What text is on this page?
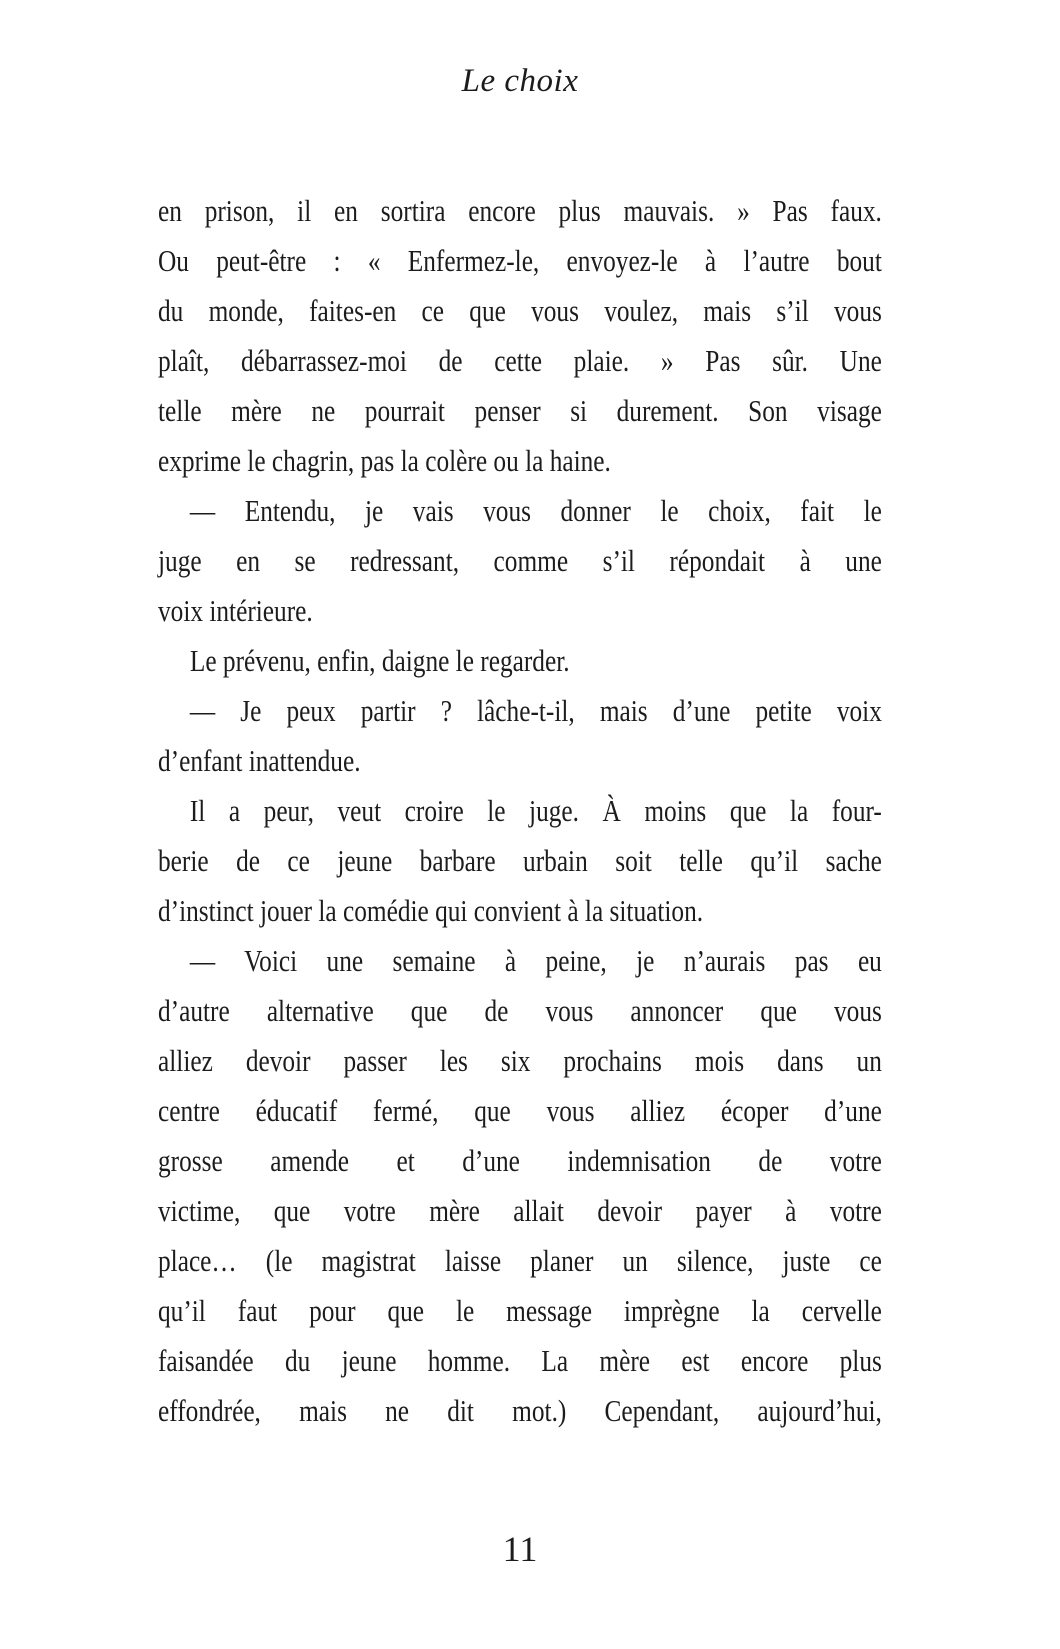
Le choix
en prison, il en sortira encore plus mauvais. » Pas faux.
Ou peut-être : « Enfermez-le, envoyez-le à l’autre bout
du monde, faites-en ce que vous voulez, mais s’il vous
plaît, débarrassez-moi de cette plaie. » Pas sûr. Une
telle mère ne pourrait penser si durement. Son visage
exprime le chagrin, pas la colère ou la haine.
— Entendu, je vais vous donner le choix, fait le
juge en se redressant, comme s’il répondait à une
voix intérieure.
Le prévenu, enfin, daigne le regarder.
— Je peux partir ? lâche-t-il, mais d’une petite voix
d’enfant inattendue.
Il a peur, veut croire le juge. À moins que la four-
berie de ce jeune barbare urbain soit telle qu’il sache
d’instinct jouer la comédie qui convient à la situation.
— Voici une semaine à peine, je n’aurais pas eu
d’autre alternative que de vous annoncer que vous
alliez devoir passer les six prochains mois dans un
centre éducatif fermé, que vous alliez écoper d’une
grosse amende et d’une indemnisation de votre
victime, que votre mère allait devoir payer à votre
place… (le magistrat laisse planer un silence, juste ce
qu’il faut pour que le message imprègne la cervelle
faisandée du jeune homme. La mère est encore plus
effondrée, mais ne dit mot.) Cependant, aujourd’hui,
11
